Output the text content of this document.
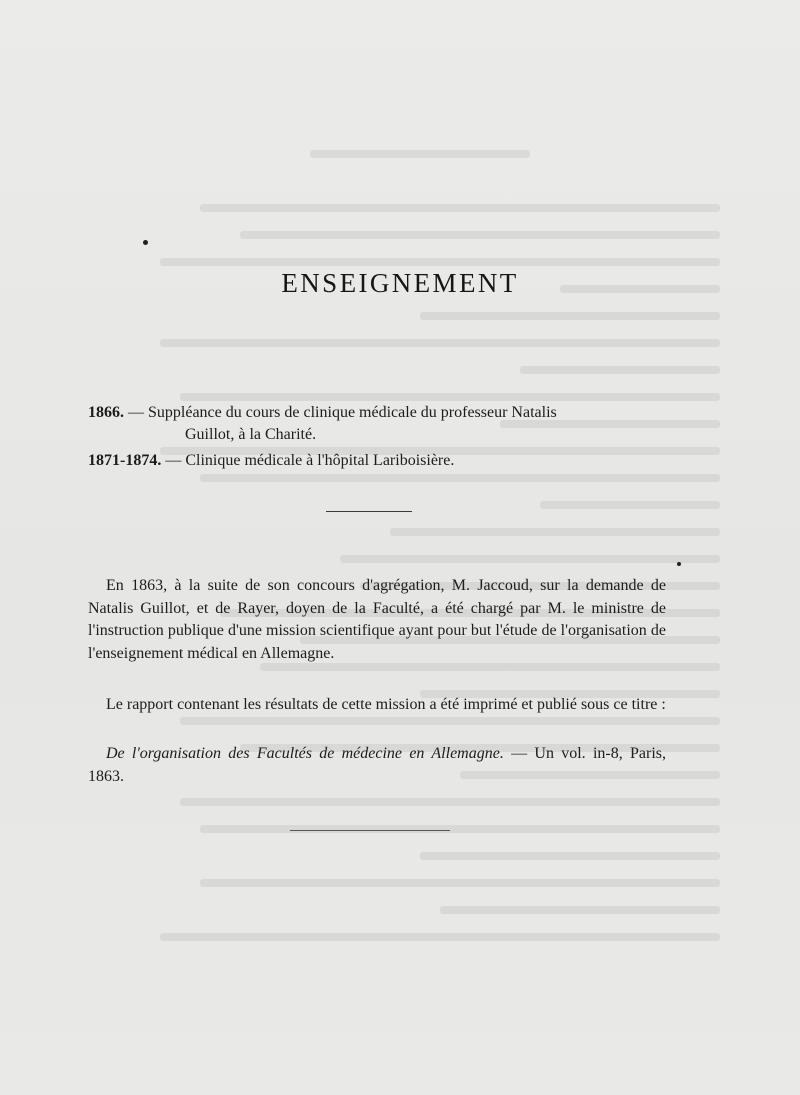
ENSEIGNEMENT

1866. — Suppléance du cours de clinique médicale du professeur Natalis
Guillot, à la Charité.

1871-1874. — Clinique médicale à l'hôpital Lariboisière.

En 1863, à la suite de son concours d'agrégation, M. Jaccoud, sur la demande de Natalis Guillot, et de Rayer, doyen de la Faculté, a été chargé par M. le ministre de l'instruction publique d'une mission scientifique ayant pour but l'étude de l'organisation de l'enseignement médical en Allemagne.

Le rapport contenant les résultats de cette mission a été imprimé et publié sous ce titre :

De l'organisation des Facultés de médecine en Allemagne. — Un vol. in-8, Paris, 1863.
